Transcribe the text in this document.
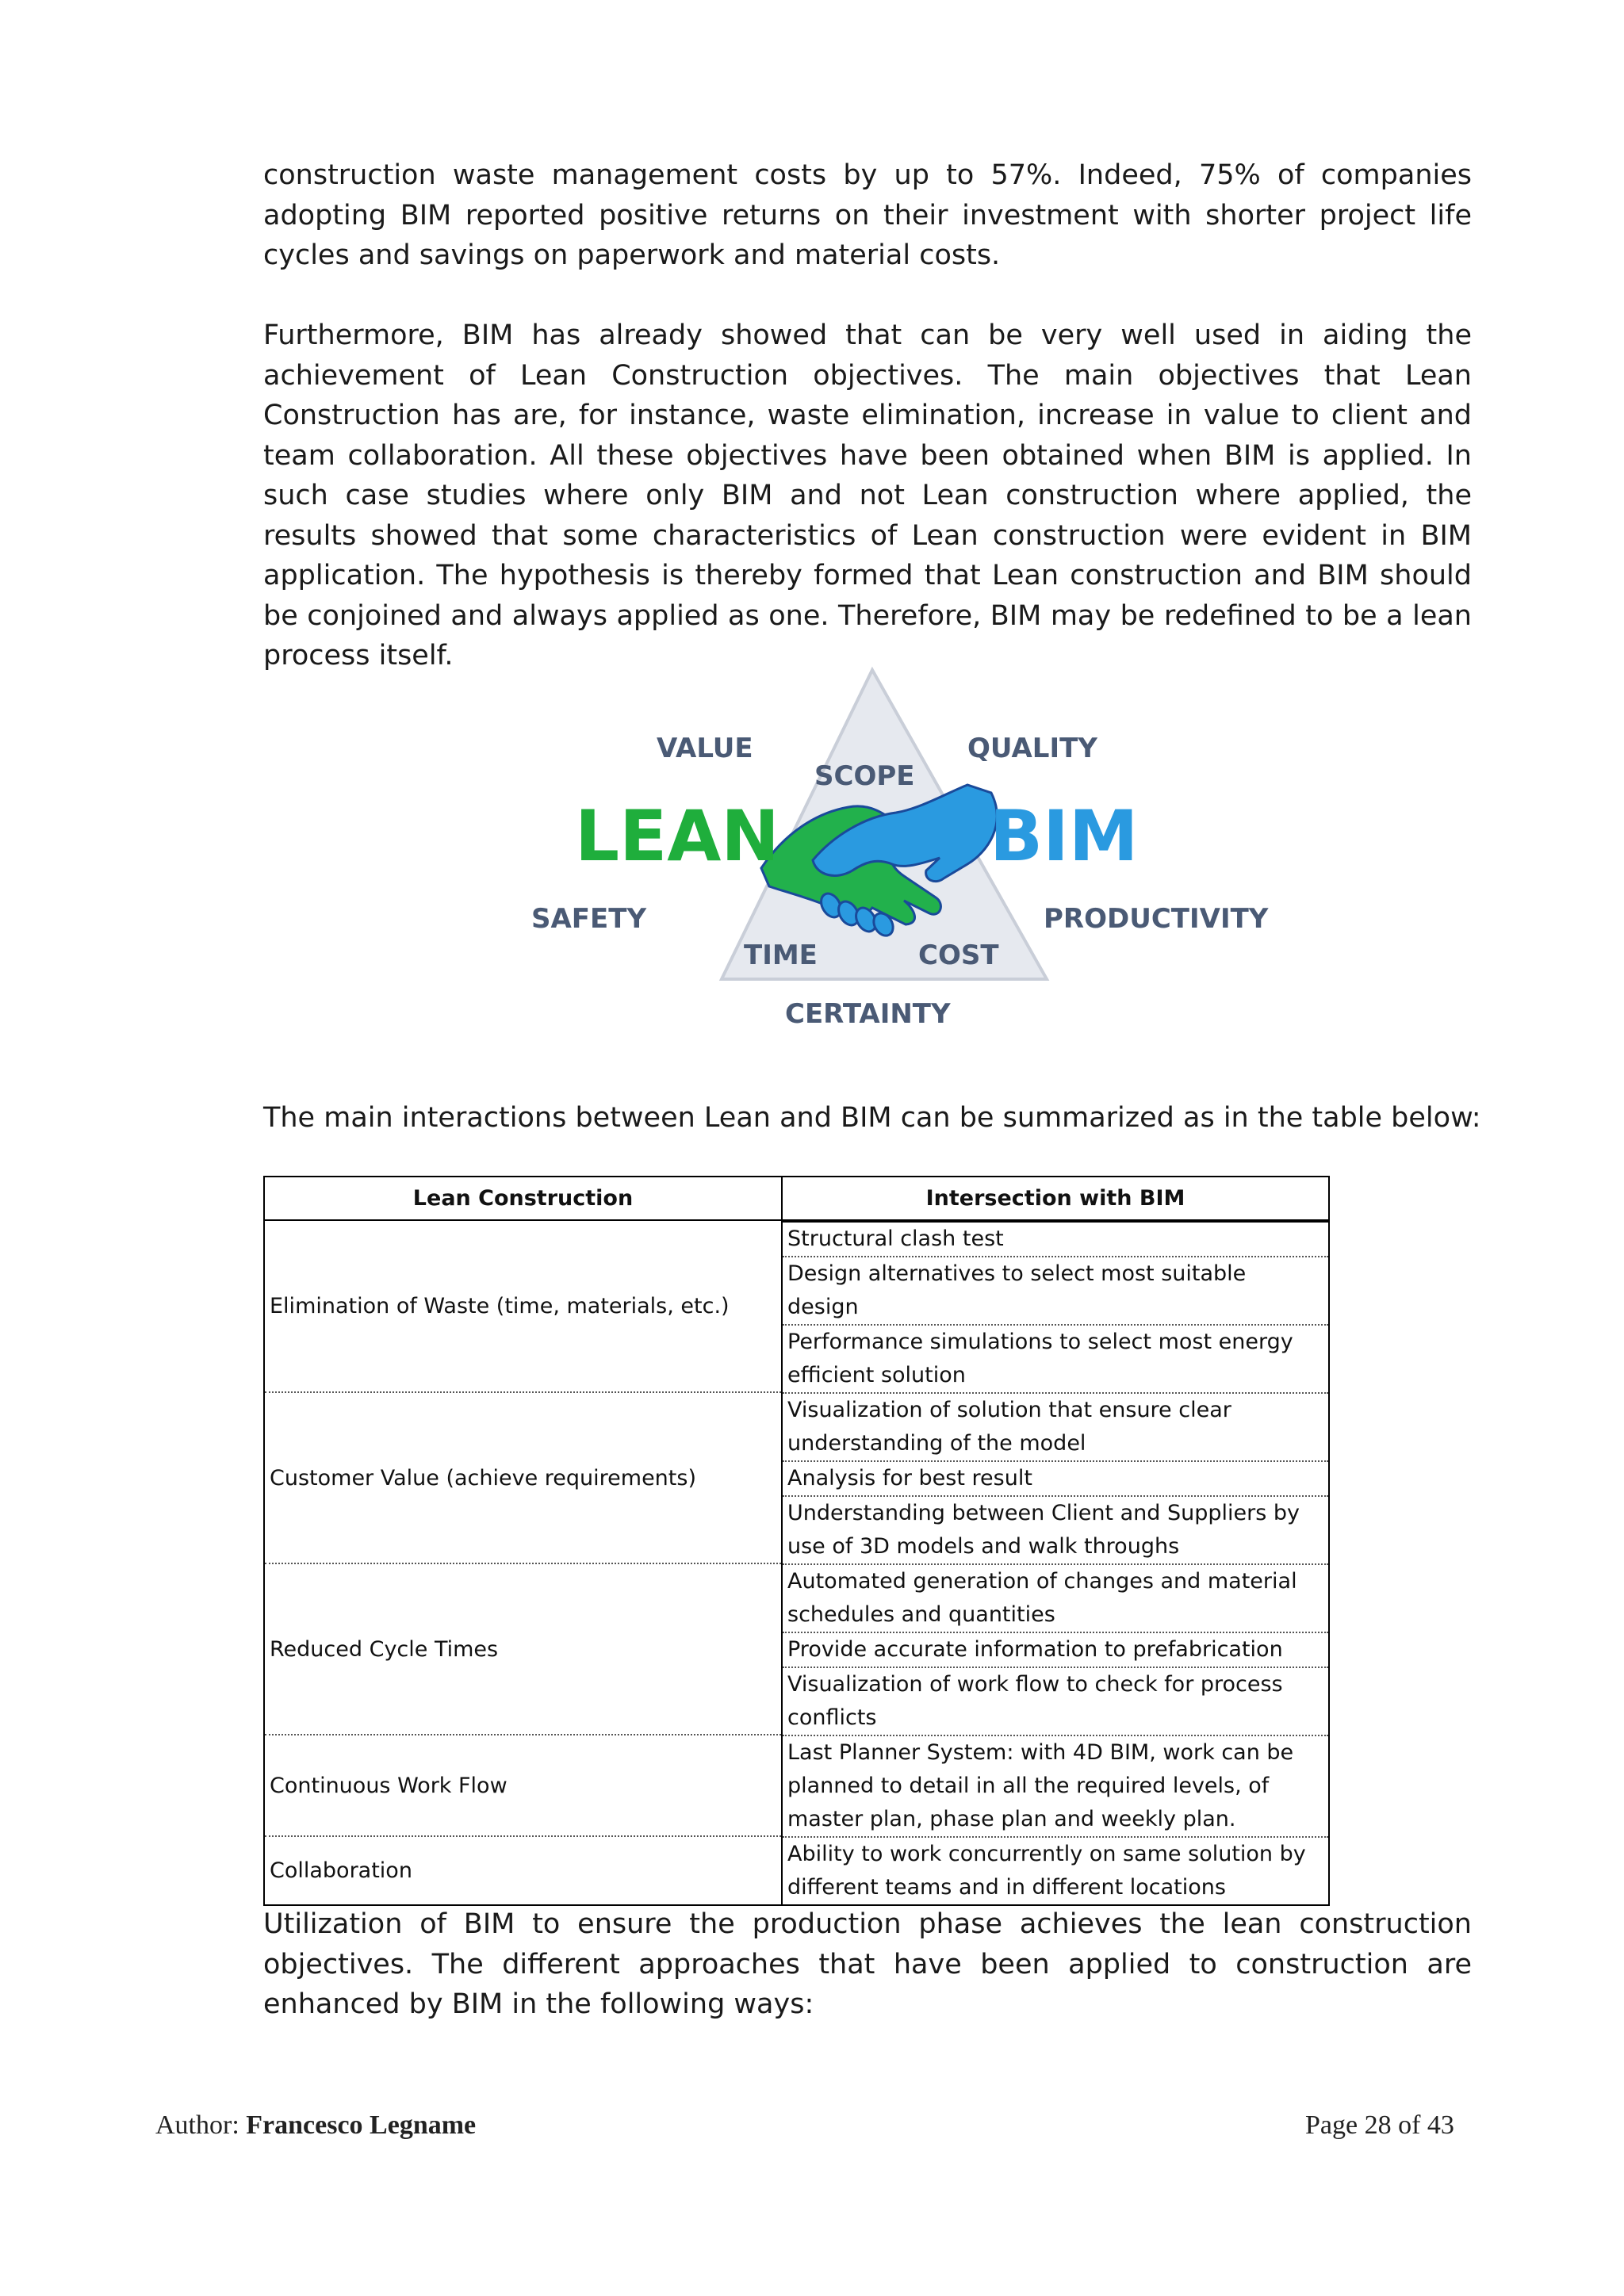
construction waste management costs by up to 57%. Indeed, 75% of companies adopting BIM reported positive returns on their investment with shorter project life cycles and savings on paperwork and material costs.

Furthermore, BIM has already showed that can be very well used in aiding the achievement of Lean Construction objectives. The main objectives that Lean Construction has are, for instance, waste elimination, increase in value to client and team collaboration. All these objectives have been obtained when BIM is applied. In such case studies where only BIM and not Lean construction where applied, the results showed that some characteristics of Lean construction were evident in BIM application. The hypothesis is thereby formed that Lean construction and BIM should be conjoined and always applied as one. Therefore, BIM may be redefined to be a lean process itself.

LEAN	BIM
VALUE	QUALITY
SCOPE
SAFETY	PRODUCTIVITY
TIME	COST
CERTAINTY

The main interactions between Lean and BIM can be summarized as in the table below:

Lean Construction	Intersection with BIM
Elimination of Waste (time, materials, etc.)	Structural clash test
Design alternatives to select most suitable design
Performance simulations to select most energy efficient solution

Customer Value (achieve requirements)	Visualization of solution that ensure clear understanding of the model
Analysis for best result
Understanding between Client and Suppliers by use of 3D models and walk throughs

Reduced Cycle Times	Automated generation of changes and material schedules and quantities
Provide accurate information to prefabrication
Visualization of work flow to check for process conflicts

Continuous Work Flow	Last Planner System: with 4D BIM, work can be planned to detail in all the required levels, of master plan, phase plan and weekly plan.

Collaboration	Ability to work concurrently on same solution by different teams and in different locations

Utilization of BIM to ensure the production phase achieves the lean construction objectives. The different approaches that have been applied to construction are enhanced by BIM in the following ways:

Author: Francesco Legname	Page 28 of 43
